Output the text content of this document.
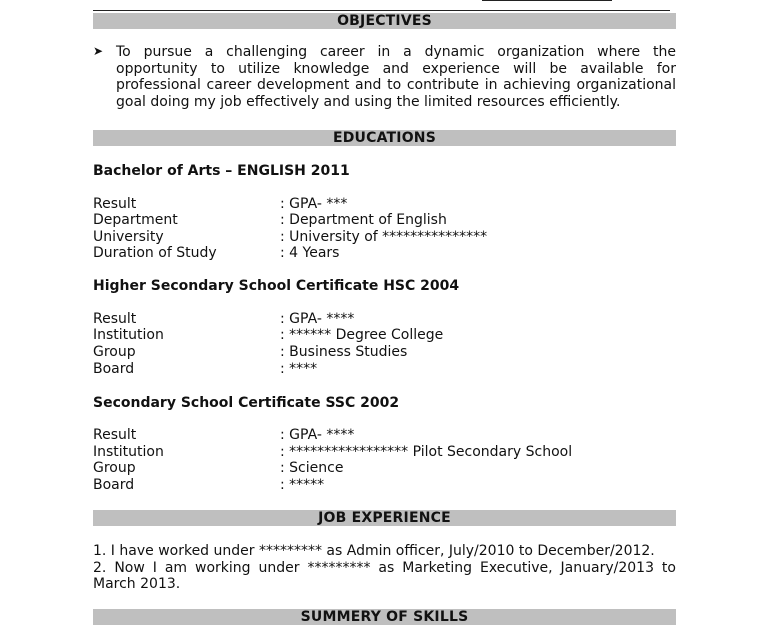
OBJECTIVES
➤ To pursue a challenging career in a dynamic organization where the opportunity to utilize knowledge and experience will be available for professional career development and to contribute in achieving organizational goal doing my job effectively and using the limited resources efficiently.
EDUCATIONS
Bachelor of Arts – ENGLISH 2011
Result	: GPA- ***
Department	: Department of English
University	: University of ***************
Duration of Study	: 4 Years
Higher Secondary School Certificate HSC 2004
Result	: GPA- ****
Institution	: ****** Degree College
Group	: Business Studies
Board	: ****
Secondary School Certificate SSC 2002
Result	: GPA- ****
Institution	: ***************** Pilot Secondary School
Group	: Science
Board	: *****
JOB EXPERIENCE

1. I have worked under ********* as Admin officer, July/2010 to December/2012.

2. Now I am working under ********* as Marketing Executive, January/2013 to March 2013.

SUMMERY OF SKILLS
